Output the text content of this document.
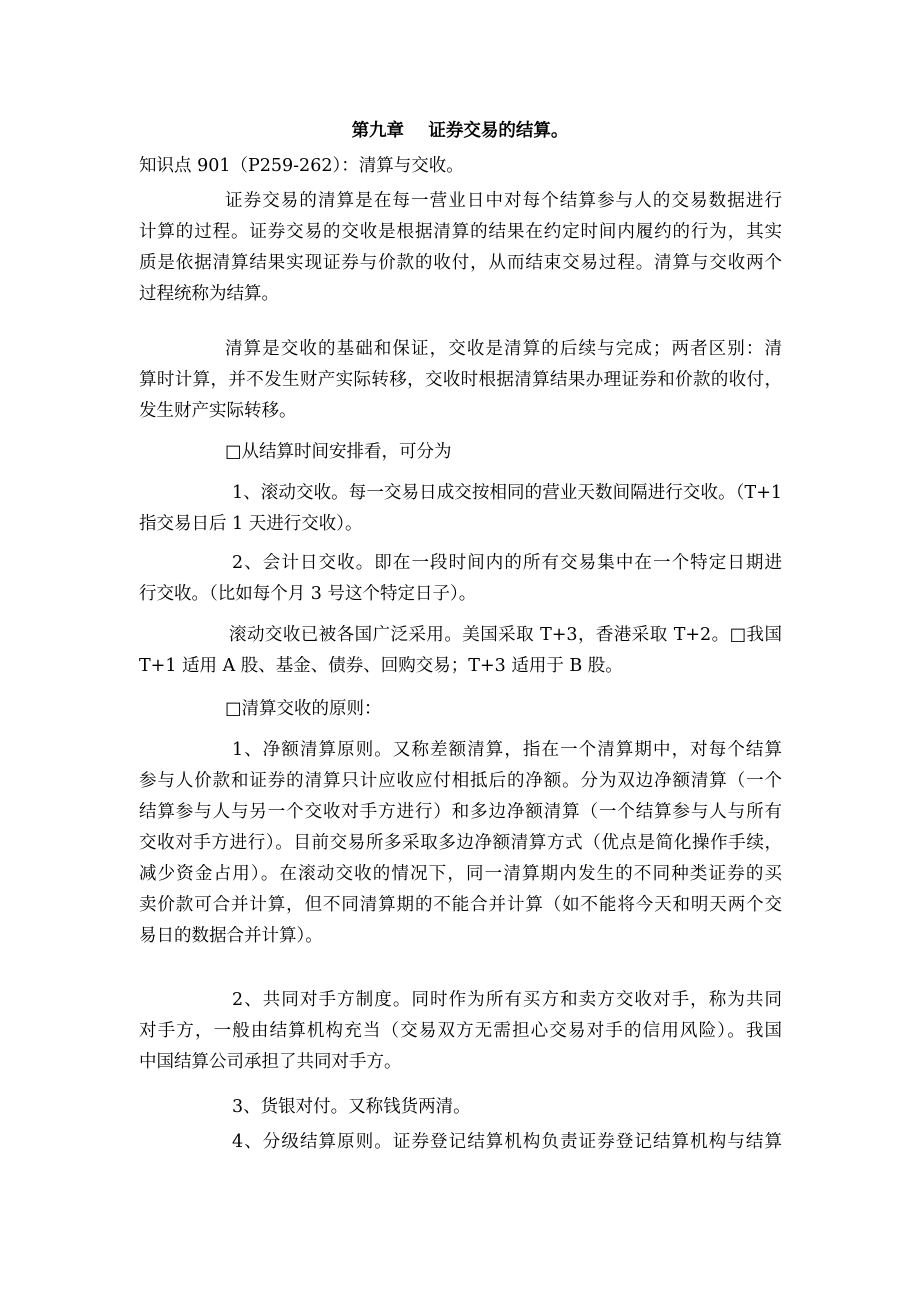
第九章    证券交易的结算。
知识点 901（P259-262）：清算与交收。
证券交易的清算是在每一营业日中对每个结算参与人的交易数据进行
计算的过程。证券交易的交收是根据清算的结果在约定时间内履约的行为，其实
质是依据清算结果实现证券与价款的收付，从而结束交易过程。清算与交收两个
过程统称为结算。
清算是交收的基础和保证，交收是清算的后续与完成；两者区别：清
算时计算，并不发生财产实际转移，交收时根据清算结果办理证券和价款的收付，
发生财产实际转移。
□从结算时间安排看，可分为
1、滚动交收。每一交易日成交按相同的营业天数间隔进行交收。（T+1
指交易日后 1 天进行交收）。
2、会计日交收。即在一段时间内的所有交易集中在一个特定日期进
行交收。（比如每个月 3 号这个特定日子）。
滚动交收已被各国广泛采用。美国采取 T+3，香港采取 T+2。□我国
T+1 适用 A 股、基金、债券、回购交易；T+3 适用于 B 股。
□清算交收的原则：
1、净额清算原则。又称差额清算，指在一个清算期中，对每个结算
参与人价款和证券的清算只计应收应付相抵后的净额。分为双边净额清算（一个
结算参与人与另一个交收对手方进行）和多边净额清算（一个结算参与人与所有
交收对手方进行）。目前交易所多采取多边净额清算方式（优点是简化操作手续，
减少资金占用）。在滚动交收的情况下，同一清算期内发生的不同种类证券的买
卖价款可合并计算，但不同清算期的不能合并计算（如不能将今天和明天两个交
易日的数据合并计算）。
2、共同对手方制度。同时作为所有买方和卖方交收对手，称为共同
对手方，一般由结算机构充当（交易双方无需担心交易对手的信用风险）。我国
中国结算公司承担了共同对手方。
3、货银对付。又称钱货两清。
4、分级结算原则。证券登记结算机构负责证券登记结算机构与结算
